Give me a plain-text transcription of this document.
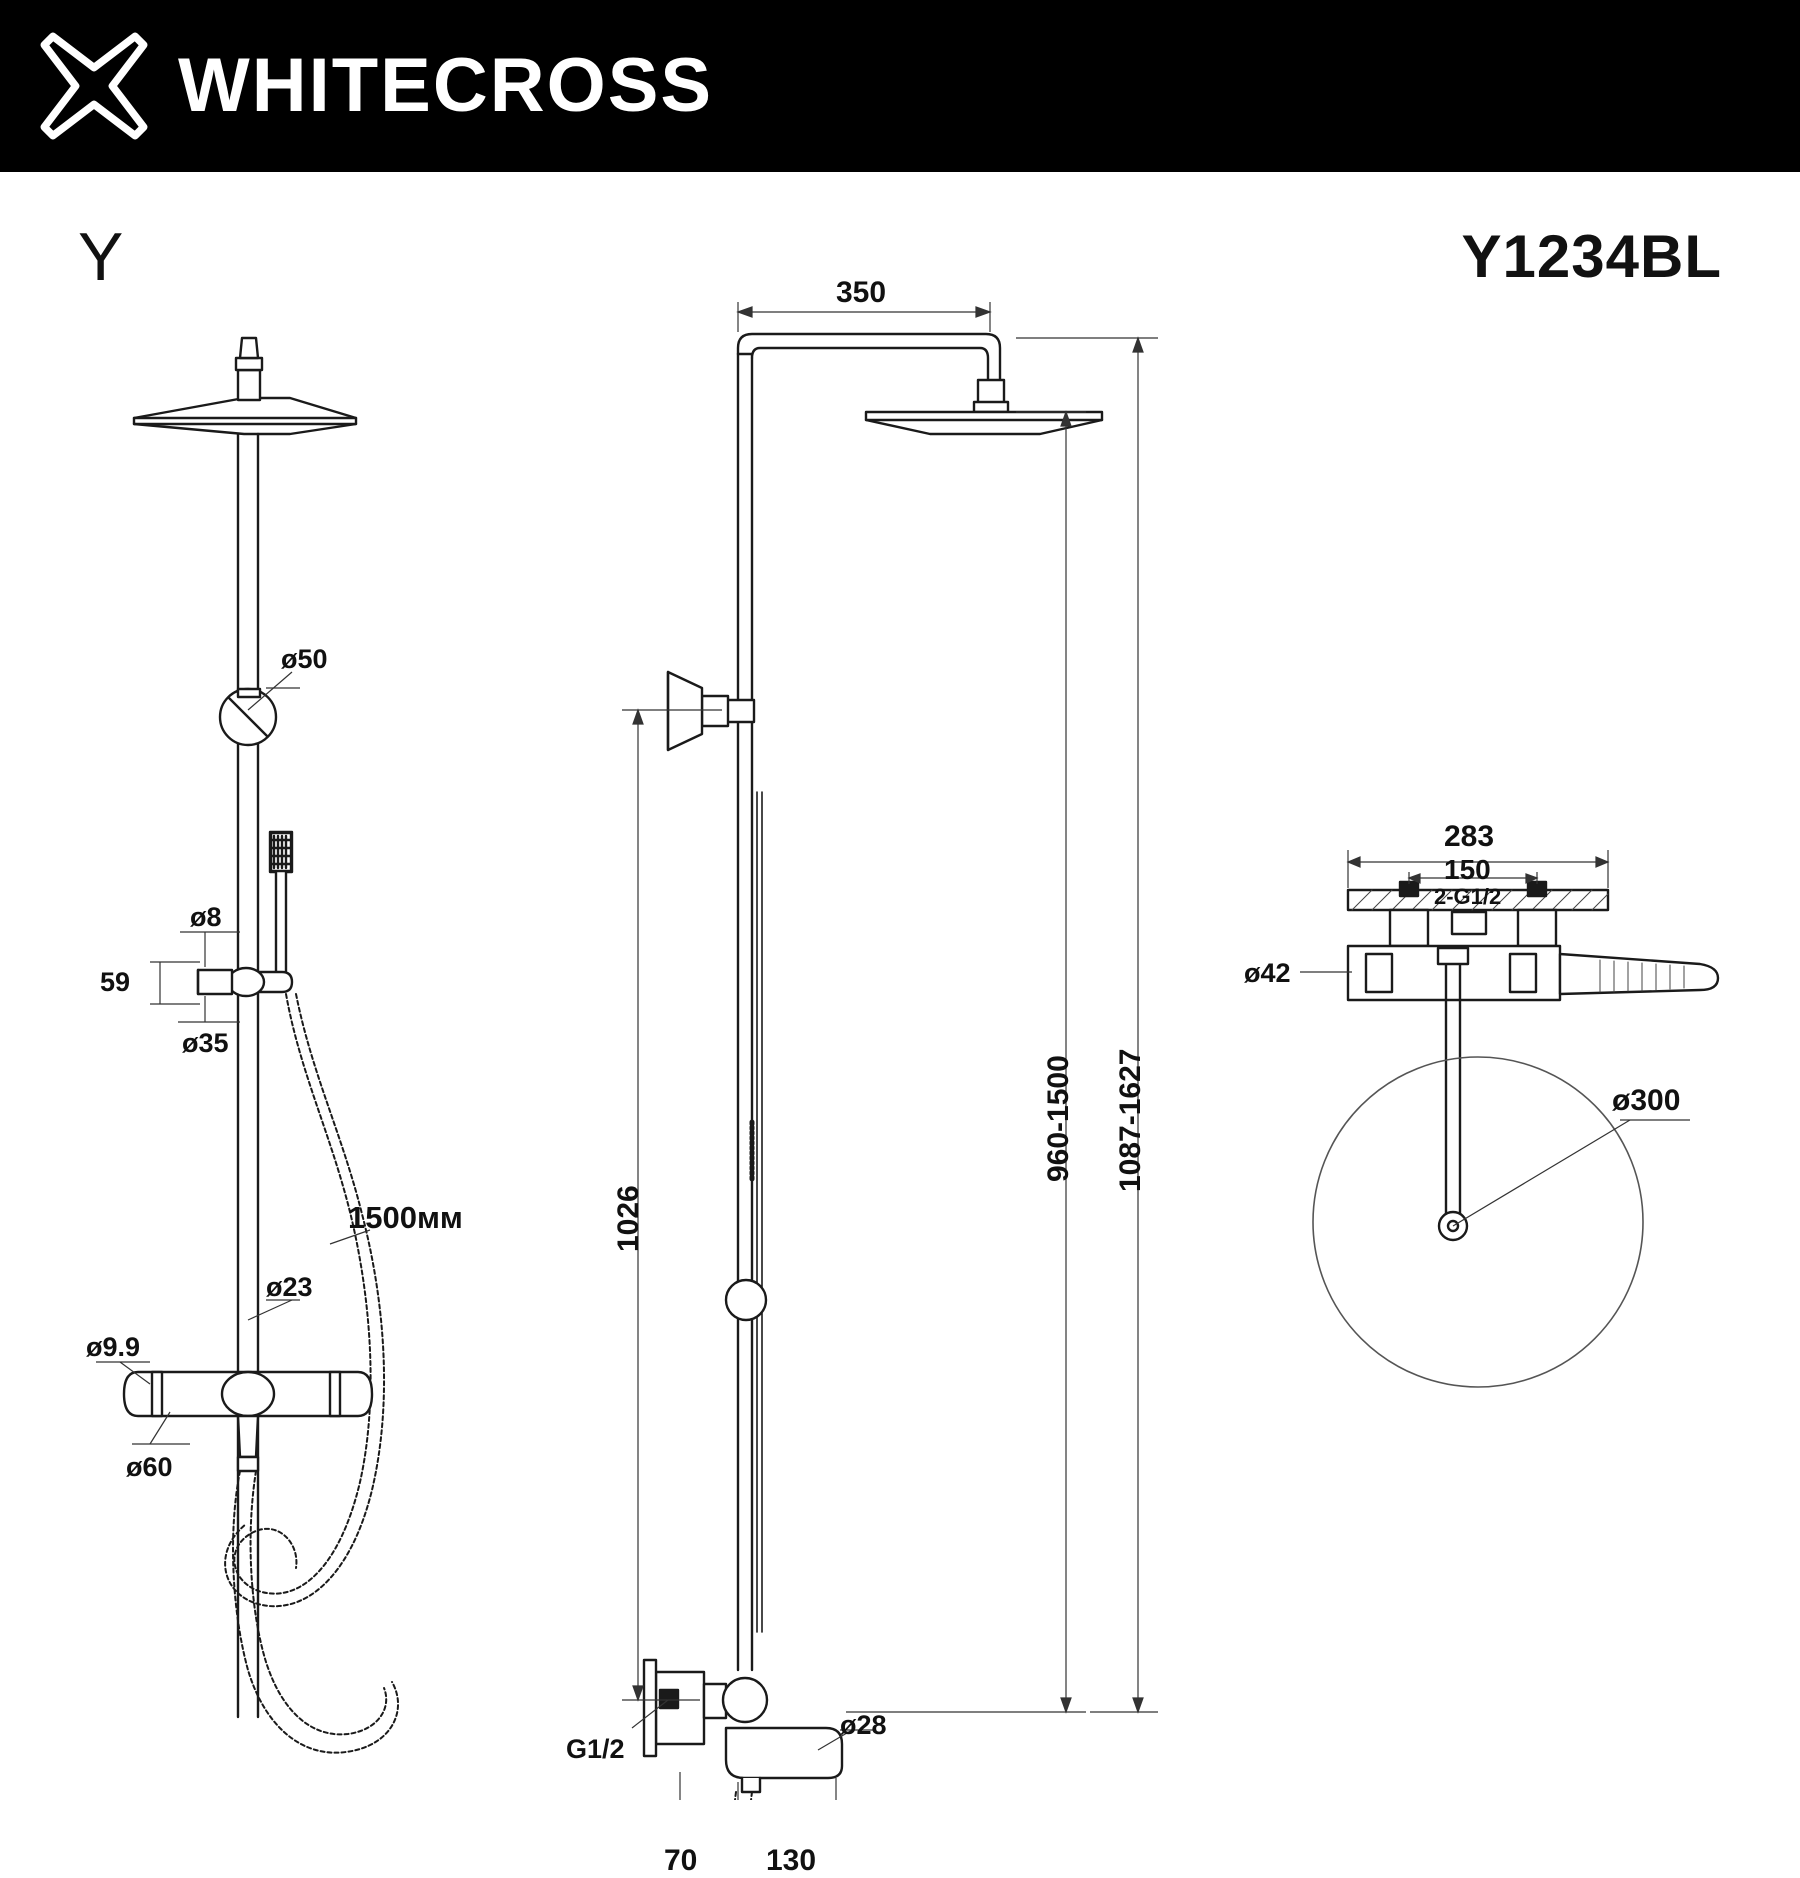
WHITECROSS
Y	Y1234BL
ø50
ø8
59
ø35
1500мм
ø23
ø9.9
ø60
350
1026
960-1500 1087-1627
G1/2
70 130
ø28
283
150
2-G1/2
ø42
ø300
